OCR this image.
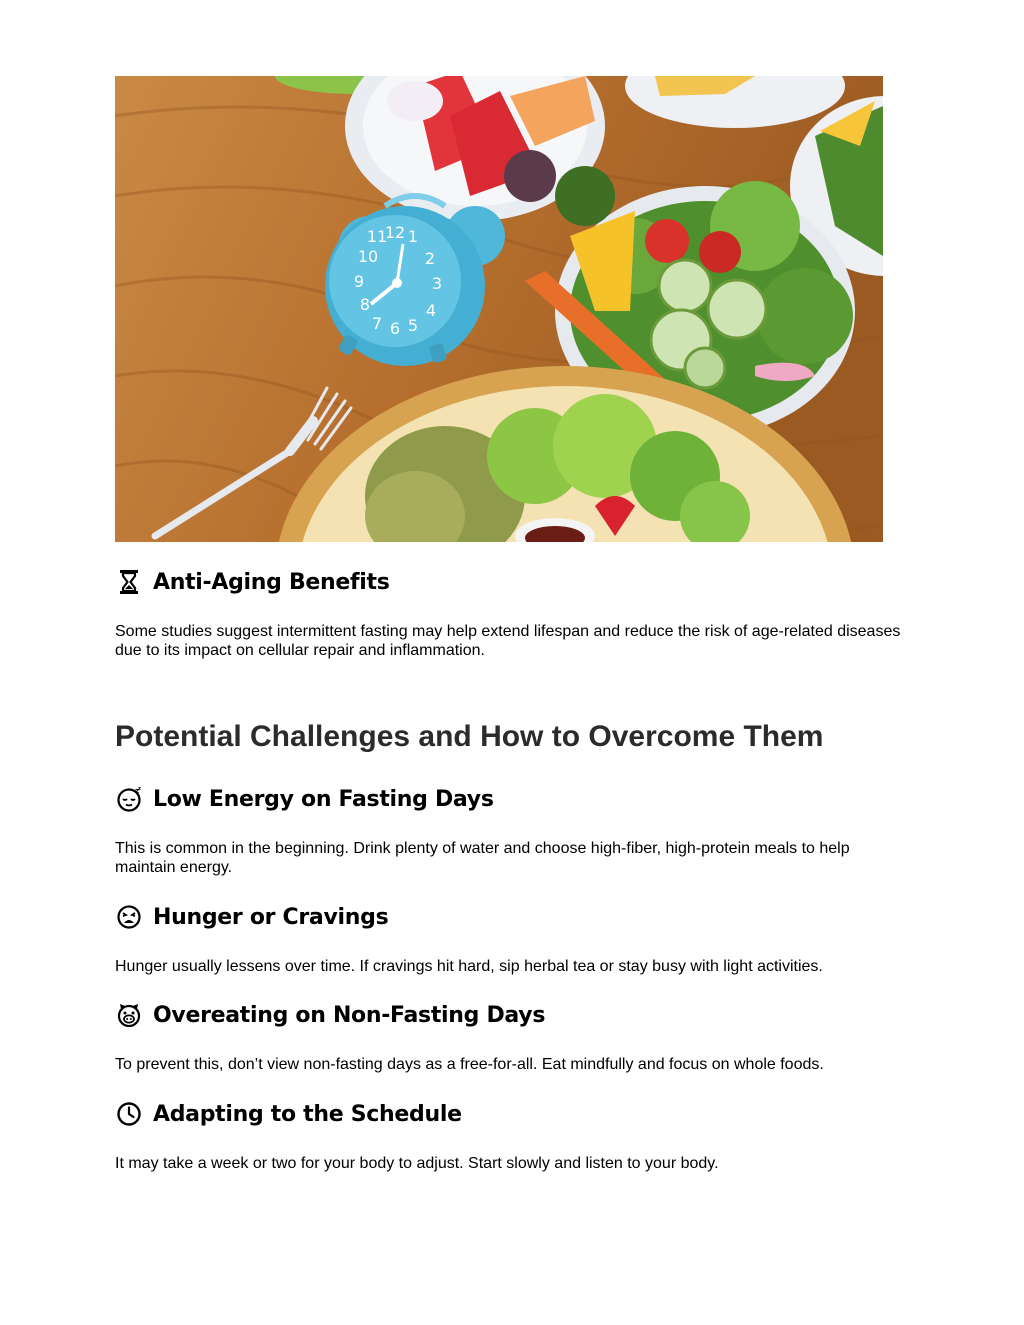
12
11 1
10	2
9	3
8	4
7 6 5
Anti-Aging Benefits

Some studies suggest intermittent fasting may help extend lifespan and reduce the risk of age-related diseases due to its impact on cellular repair and inflammation.

Potential Challenges and How to Overcome Them
z z Low Energy on Fasting Days

This is common in the beginning. Drink plenty of water and choose high-fiber, high-protein meals to help maintain energy.

Hunger or Cravings

Hunger usually lessens over time. If cravings hit hard, sip herbal tea or stay busy with light activities.

Overeating on Non-Fasting Days

To prevent this, don’t view non-fasting days as a free-for-all. Eat mindfully and focus on whole foods.

Adapting to the Schedule

It may take a week or two for your body to adjust. Start slowly and listen to your body.
